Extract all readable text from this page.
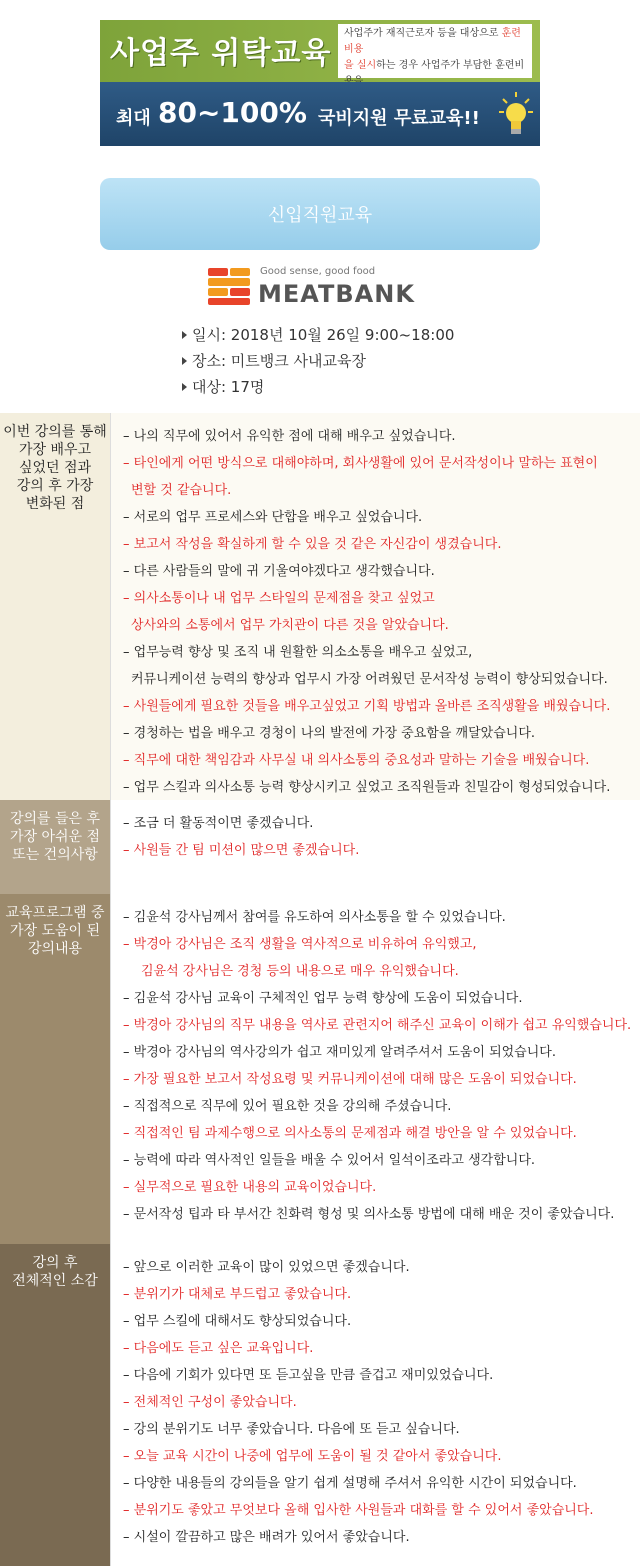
사업주 위탁교육
사업주가 재직근로자 등을 대상으로 훈련비용
을 실시하는 경우 사업주가 부담한 훈련비

최대 80~100% 국비지원 무료교육!!
신입직원교육
Good sense, good food
MEATBANK
일시: 2018년 10월 26일 9:00~18:00
장소: 미트뱅크 사내교육장
대상: 17명
이번 강의를 통해
가장 배우고
싶었던 점과
강의 후 가장
변화된 점
– 나의 직무에 있어서 유익한 점에 대해 배우고 싶었습니다.
– 타인에게 어떤 방식으로 대해야하며, 회사생활에 있어 문서작성이나 말하는 표현이
변할 것 같습니다.
– 서로의 업무 프로세스와 단합을 배우고 싶었습니다.
– 보고서 작성을 확실하게 할 수 있을 것 같은 자신감이 생겼습니다.
– 다른 사람들의 말에 귀 기울여야겠다고 생각했습니다.
– 의사소통이나 내 업무 스타일의 문제점을 찾고 싶었고
상사와의 소통에서 업무 가치관이 다른 것을 알았습니다.
– 업무능력 향상 및 조직 내 원활한 의소소통을 배우고 싶었고,
커뮤니케이션 능력의 향상과 업무시 가장 어려웠던 문서작성 능력이 향상되었습니다.
– 사원들에게 필요한 것들을 배우고싶었고 기획 방법과 올바른 조직생활을 배웠습니다.
– 경청하는 법을 배우고 경청이 나의 발전에 가장 중요함을 깨달았습니다.
– 직무에 대한 책임감과 사무실 내 의사소통의 중요성과 말하는 기술을 배웠습니다.
– 업무 스킬과 의사소통 능력 향상시키고 싶었고 조직원들과 친밀감이 형성되었습니다.
강의를 들은 후
가장 아쉬운 점
또는 건의사항
– 조금 더 활동적이면 좋겠습니다.
– 사원들 간 팀 미션이 많으면 좋겠습니다.
교육프로그램 중
가장 도움이 된
강의내용
– 김윤석 강사님께서 참여를 유도하여 의사소통을 할 수 있었습니다.
– 박경아 강사님은 조직 생활을 역사적으로 비유하여 유익했고,
김윤석 강사님은 경청 등의 내용으로 매우 유익했습니다.
– 김윤석 강사님 교육이 구체적인 업무 능력 향상에 도움이 되었습니다.
– 박경아 강사님의 직무 내용을 역사로 관련지어 해주신 교육이 이해가 쉽고 유익했습니다.
– 박경아 강사님의 역사강의가 쉽고 재미있게 알려주셔서 도움이 되었습니다.
– 가장 필요한 보고서 작성요령 및 커뮤니케이션에 대해 많은 도움이 되었습니다.
– 직접적으로 직무에 있어 필요한 것을 강의해 주셨습니다.
– 직접적인 팀 과제수행으로 의사소통의 문제점과 해결 방안을 알 수 있었습니다.
– 능력에 따라 역사적인 일들을 배울 수 있어서 일석이조라고 생각합니다.
– 실무적으로 필요한 내용의 교육이었습니다.
– 문서작성 팁과 타 부서간 친화력 형성 및 의사소통 방법에 대해 배운 것이 좋았습니다.
강의 후
전체적인 소감
– 앞으로 이러한 교육이 많이 있었으면 좋겠습니다.
– 분위기가 대체로 부드럽고 좋았습니다.
– 업무 스킬에 대해서도 향상되었습니다.
– 다음에도 듣고 싶은 교육입니다.
– 다음에 기회가 있다면 또 듣고싶을 만큼 즐겁고 재미있었습니다.
– 전체적인 구성이 좋았습니다.
– 강의 분위기도 너무 좋았습니다. 다음에 또 듣고 싶습니다.
– 오늘 교육 시간이 나중에 업무에 도움이 될 것 같아서 좋았습니다.
– 다양한 내용들의 강의들을 알기 쉽게 설명해 주셔서 유익한 시간이 되었습니다.
– 분위기도 좋았고 무엇보다 올해 입사한 사원들과 대화를 할 수 있어서 좋았습니다.
– 시설이 깔끔하고 많은 배려가 있어서 좋았습니다.
